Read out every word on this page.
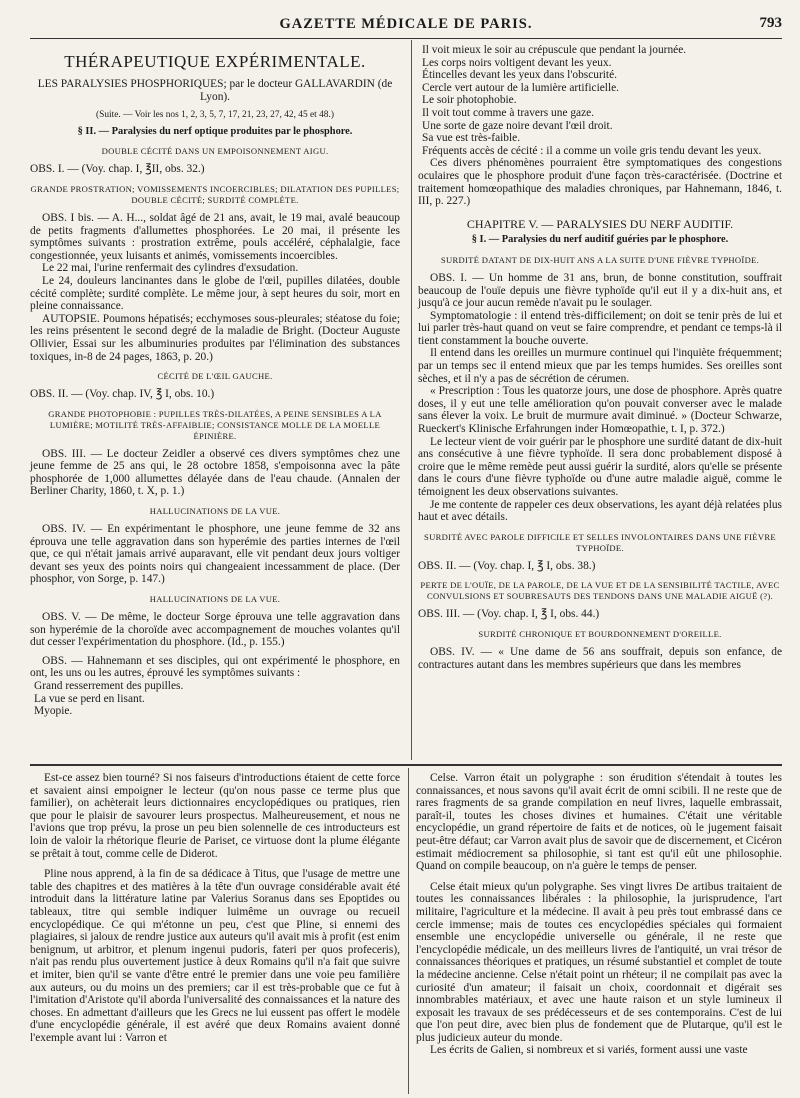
GAZETTE MÉDICALE DE PARIS.	793

THÉRAPEUTIQUE EXPÉRIMENTALE.

LES PARALYSIES PHOSPHORIQUES; par le docteur GALLAVARDIN (de Lyon).

(Suite. — Voir les nos 1, 2, 3, 5, 7, 17, 21, 23, 27, 42, 45 et 48.)

§ II. — Paralysies du nerf optique produites par le phosphore.

DOUBLE CÉCITÉ DANS UN EMPOISONNEMENT AIGU.

OBS. I. — (Voy. chap. I, ℥II, obs. 32.)

GRANDE PROSTRATION; VOMISSEMENTS INCOERCIBLES; DILATATION DES PUPILLES; DOUBLE CÉCITÉ; SURDITÉ COMPLÈTE.

OBS. I bis. — A. H..., soldat âgé de 21 ans, avait, le 19 mai, avalé beaucoup de petits fragments d'allumettes phosphorées. Le 20 mai, il présente les symptômes suivants : prostration extrême, pouls accéléré, céphalalgie, face congestionnée, yeux luisants et animés, vomissements incoercibles.

Le 22 mai, l'urine renfermait des cylindres d'exsudation.

Le 24, douleurs lancinantes dans le globe de l'œil, pupilles dilatées, double cécité complète; surdité complète. Le même jour, à sept heures du soir, mort en pleine connaissance.

AUTOPSIE. Poumons hépatisés; ecchymoses sous-pleurales; stéatose du foie; les reins présentent le second degré de la maladie de Bright. (Docteur Auguste Ollivier, Essai sur les albuminuries produites par l'élimination des substances toxiques, in-8 de 24 pages, 1863, p. 20.)

CÉCITÉ DE L'ŒIL GAUCHE.

OBS. II. — (Voy. chap. IV, ℥ I, obs. 10.)

GRANDE PHOTOPHOBIE : PUPILLES TRÈS-DILATÉES, A PEINE SENSIBLES A LA LUMIÈRE; MOTILITÉ TRÈS-AFFAIBLIE; CONSISTANCE MOLLE DE LA MOELLE ÉPINIÈRE.

OBS. III. — Le docteur Zeidler a observé ces divers symptômes chez une jeune femme de 25 ans qui, le 28 octobre 1858, s'empoisonna avec la pâte phosphorée de 1,000 allumettes délayée dans de l'eau chaude. (Annalen der Berliner Charity, 1860, t. X, p. 1.)

HALLUCINATIONS DE LA VUE.

OBS. IV. — En expérimentant le phosphore, une jeune femme de 32 ans éprouva une telle aggravation dans son hyperémie des parties internes de l'œil que, ce qui n'était jamais arrivé auparavant, elle vit pendant deux jours voltiger devant ses yeux des points noirs qui changeaient incessamment de place. (Der phosphor, von Sorge, p. 147.)

HALLUCINATIONS DE LA VUE.

OBS. V. — De même, le docteur Sorge éprouva une telle aggravation dans son hyperémie de la choroïde avec accompagnement de mouches volantes qu'il dut cesser l'expérimentation du phosphore. (Id., p. 155.)

OBS. — Hahnemann et ses disciples, qui ont expérimenté le phosphore, en ont, les uns ou les autres, éprouvé les symptômes suivants :

Grand resserrement des pupilles.

La vue se perd en lisant.

Myopie.

Il voit mieux le soir au crépuscule que pendant la journée.

Les corps noirs voltigent devant les yeux.

Étincelles devant les yeux dans l'obscurité.

Cercle vert autour de la lumière artificielle.

Le soir photophobie.

Il voit tout comme à travers une gaze.

Une sorte de gaze noire devant l'œil droit.

Sa vue est très-faible.

Fréquents accès de cécité : il a comme un voile gris tendu devant les yeux.

Ces divers phénomènes pourraient être symptomatiques des congestions oculaires que le phosphore produit d'une façon très-caractérisée. (Doctrine et traitement homœopathique des maladies chroniques, par Hahnemann, 1846, t. III, p. 227.)

CHAPITRE V. — PARALYSIES DU NERF AUDITIF.

§ I. — Paralysies du nerf auditif guéries par le phosphore.

SURDITÉ DATANT DE DIX-HUIT ANS A LA SUITE D'UNE FIÈVRE TYPHOÏDE.

OBS. I. — Un homme de 31 ans, brun, de bonne constitution, souffrait beaucoup de l'ouïe depuis une fièvre typhoïde qu'il eut il y a dix-huit ans, et jusqu'à ce jour aucun remède n'avait pu le soulager.

Symptomatologie : il entend très-difficilement; on doit se tenir près de lui et lui parler très-haut quand on veut se faire comprendre, et pendant ce temps-là il tient constamment la bouche ouverte.

Il entend dans les oreilles un murmure continuel qui l'inquiète fréquemment; par un temps sec il entend mieux que par les temps humides. Ses oreilles sont sèches, et il n'y a pas de sécrétion de cérumen.

« Prescription : Tous les quatorze jours, une dose de phosphore. Après quatre doses, il y eut une telle amélioration qu'on pouvait converser avec le malade sans élever la voix. Le bruit de murmure avait diminué. » (Docteur Schwarze, Rueckert's Klinische Erfahrungen inder Homœopathie, t. I, p. 372.)

Le lecteur vient de voir guérir par le phosphore une surdité datant de dix-huit ans consécutive à une fièvre typhoïde. Il sera donc probablement disposé à croire que le même remède peut aussi guérir la surdité, alors qu'elle se présente dans le cours d'une fièvre typhoïde ou d'une autre maladie aiguë, comme le témoignent les deux observations suivantes.

Je me contente de rappeler ces deux observations, les ayant déjà relatées plus haut et avec détails.

SURDITÉ AVEC PAROLE DIFFICILE ET SELLES INVOLONTAIRES DANS UNE FIÈVRE TYPHOÏDE.

OBS. II. — (Voy. chap. I, ℥ I, obs. 38.)

PERTE DE L'OUÏE, DE LA PAROLE, DE LA VUE ET DE LA SENSIBILITÉ TACTILE, AVEC CONVULSIONS ET SOUBRESAUTS DES TENDONS DANS UNE MALADIE AIGUË (?).

OBS. III. — (Voy. chap. I, ℥ I, obs. 44.)

SURDITÉ CHRONIQUE ET BOURDONNEMENT D'OREILLE.

OBS. IV. — « Une dame de 56 ans souffrait, depuis son enfance, de contractures autant dans les membres supérieurs que dans les membres

Est-ce assez bien tourné? Si nos faiseurs d'introductions étaient de cette force et savaient ainsi empoigner le lecteur (qu'on nous passe ce terme plus que familier), on achèterait leurs dictionnaires encyclopédiques ou pratiques, rien que pour le plaisir de savourer leurs prospectus. Malheureusement, et nous ne l'avions que trop prévu, la prose un peu bien solennelle de ces introducteurs est loin de valoir la rhétorique fleurie de Pariset, ce virtuose dont la plume élégante se prêtait à tout, comme celle de Diderot.

Pline nous apprend, à la fin de sa dédicace à Titus, que l'usage de mettre une table des chapitres et des matières à la tête d'un ouvrage considérable avait été introduit dans la littérature latine par Valerius Soranus dans ses Epoptides ou tableaux, titre qui semble indiquer luimême un ouvrage ou recueil encyclopédique. Ce qui m'étonne un peu, c'est que Pline, si ennemi des plagiaires, si jaloux de rendre justice aux auteurs qu'il avait mis à profit (est enim benignum, ut arbitror, et plenum ingenui pudoris, fateri per quos profeceris), n'ait pas rendu plus ouvertement justice à deux Romains qu'il n'a fait que suivre et imiter, bien qu'il se vante d'être entré le premier dans une voie peu familière aux auteurs, ou du moins un des premiers; car il est très-probable que ce fut à l'imitation d'Aristote qu'il aborda l'universalité des connaissances et la nature des choses. En admettant d'ailleurs que les Grecs ne lui eussent pas offert le modèle d'une encyclopédie générale, il est avéré que deux Romains avaient donné l'exemple avant lui : Varron et

Celse. Varron était un polygraphe : son érudition s'étendait à toutes les connaissances, et nous savons qu'il avait écrit de omni scibili. Il ne reste que de rares fragments de sa grande compilation en neuf livres, laquelle embrassait, paraît-il, toutes les choses divines et humaines. C'était une véritable encyclopédie, un grand répertoire de faits et de notices, où le jugement faisait peut-être défaut; car Varron avait plus de savoir que de discernement, et Cicéron estimait médiocrement sa philosophie, si tant est qu'il eût une philosophie. Quand on compile beaucoup, on n'a guère le temps de penser.

Celse était mieux qu'un polygraphe. Ses vingt livres De artibus traitaient de toutes les connaissances libérales : la philosophie, la jurisprudence, l'art militaire, l'agriculture et la médecine. Il avait à peu près tout embrassé dans ce cercle immense; mais de toutes ces encyclopédies spéciales qui formaient ensemble une encyclopédie universelle ou générale, il ne reste que l'encyclopédie médicale, un des meilleurs livres de l'antiquité, un vrai trésor de connaissances théoriques et pratiques, un résumé substantiel et complet de toute la médecine ancienne. Celse n'était point un rhéteur; il ne compilait pas avec la curiosité d'un amateur; il faisait un choix, coordonnait et digérait ses innombrables matériaux, et avec une haute raison et un style lumineux il exposait les travaux de ses prédécesseurs et de ses contemporains. C'est de lui que l'on peut dire, avec bien plus de fondement que de Plutarque, qu'il est le plus judicieux auteur du monde.

Les écrits de Galien, si nombreux et si variés, forment aussi une vaste
